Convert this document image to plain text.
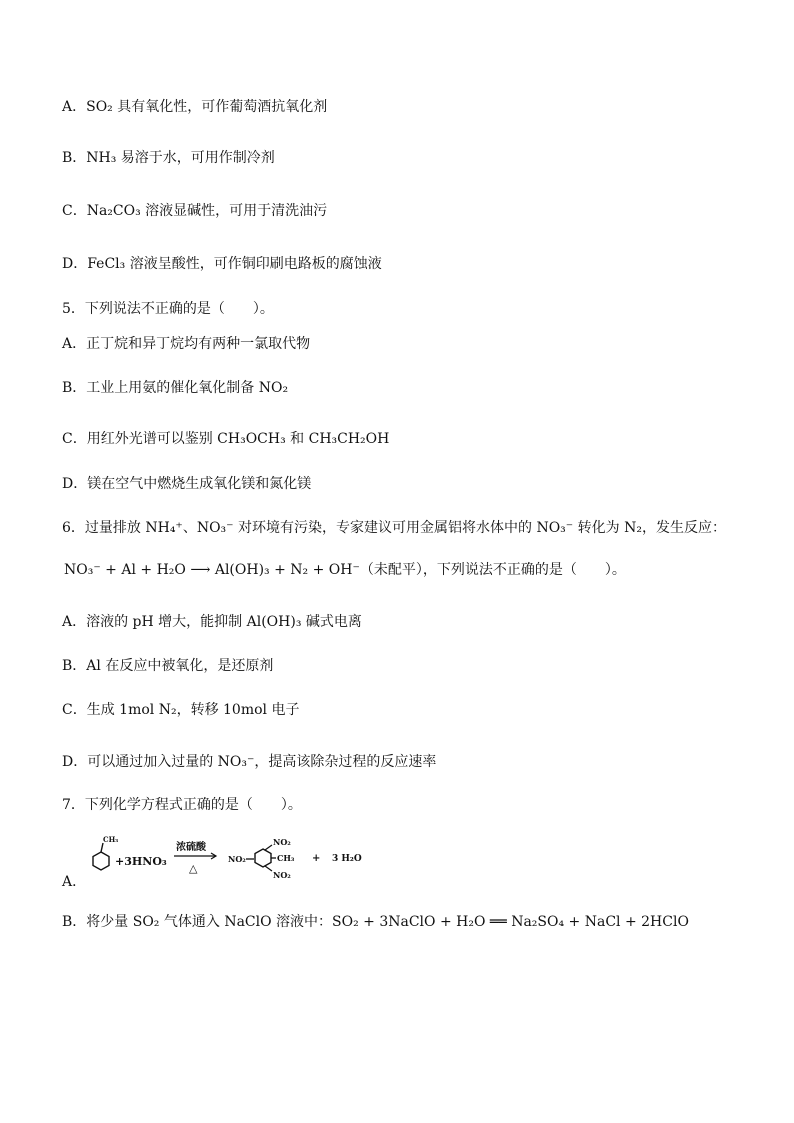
A．SO₂ 具有氧化性，可作葡萄酒抗氧化剂
B．NH₃ 易溶于水，可用作制冷剂
C．Na₂CO₃ 溶液显碱性，可用于清洗油污
D．FeCl₃ 溶液呈酸性，可作铜印刷电路板的腐蚀液
5．下列说法不正确的是（　　）。
A．正丁烷和异丁烷均有两种一氯取代物
B．工业上用氨的催化氧化制备 NO₂
C．用红外光谱可以鉴别 CH₃OCH₃ 和 CH₃CH₂OH
D．镁在空气中燃烧生成氧化镁和氮化镁
6．过量排放 NH₄⁺、NO₃⁻ 对环境有污染，专家建议可用金属铝将水体中的 NO₃⁻ 转化为 N₂，发生反应：
NO₃⁻ + Al + H₂O ⟶ Al(OH)₃ + N₂ + OH⁻（未配平），下列说法不正确的是（　　）。
A．溶液的 pH 增大，能抑制 Al(OH)₃ 碱式电离
B．Al 在反应中被氧化，是还原剂
C．生成 1mol N₂，转移 10mol 电子
D．可以通过加入过量的 NO₃⁻，提高该除杂过程的反应速率
7．下列化学方程式正确的是（　　）。
CH₃
+3HNO₃
浓硫酸
△
NO₂
NO₂
CH₃
NO₂
+ 3 H₂O
A．
B．将少量 SO₂ 气体通入 NaClO 溶液中：SO₂ + 3NaClO + H₂O ══ Na₂SO₄ + NaCl + 2HClO
